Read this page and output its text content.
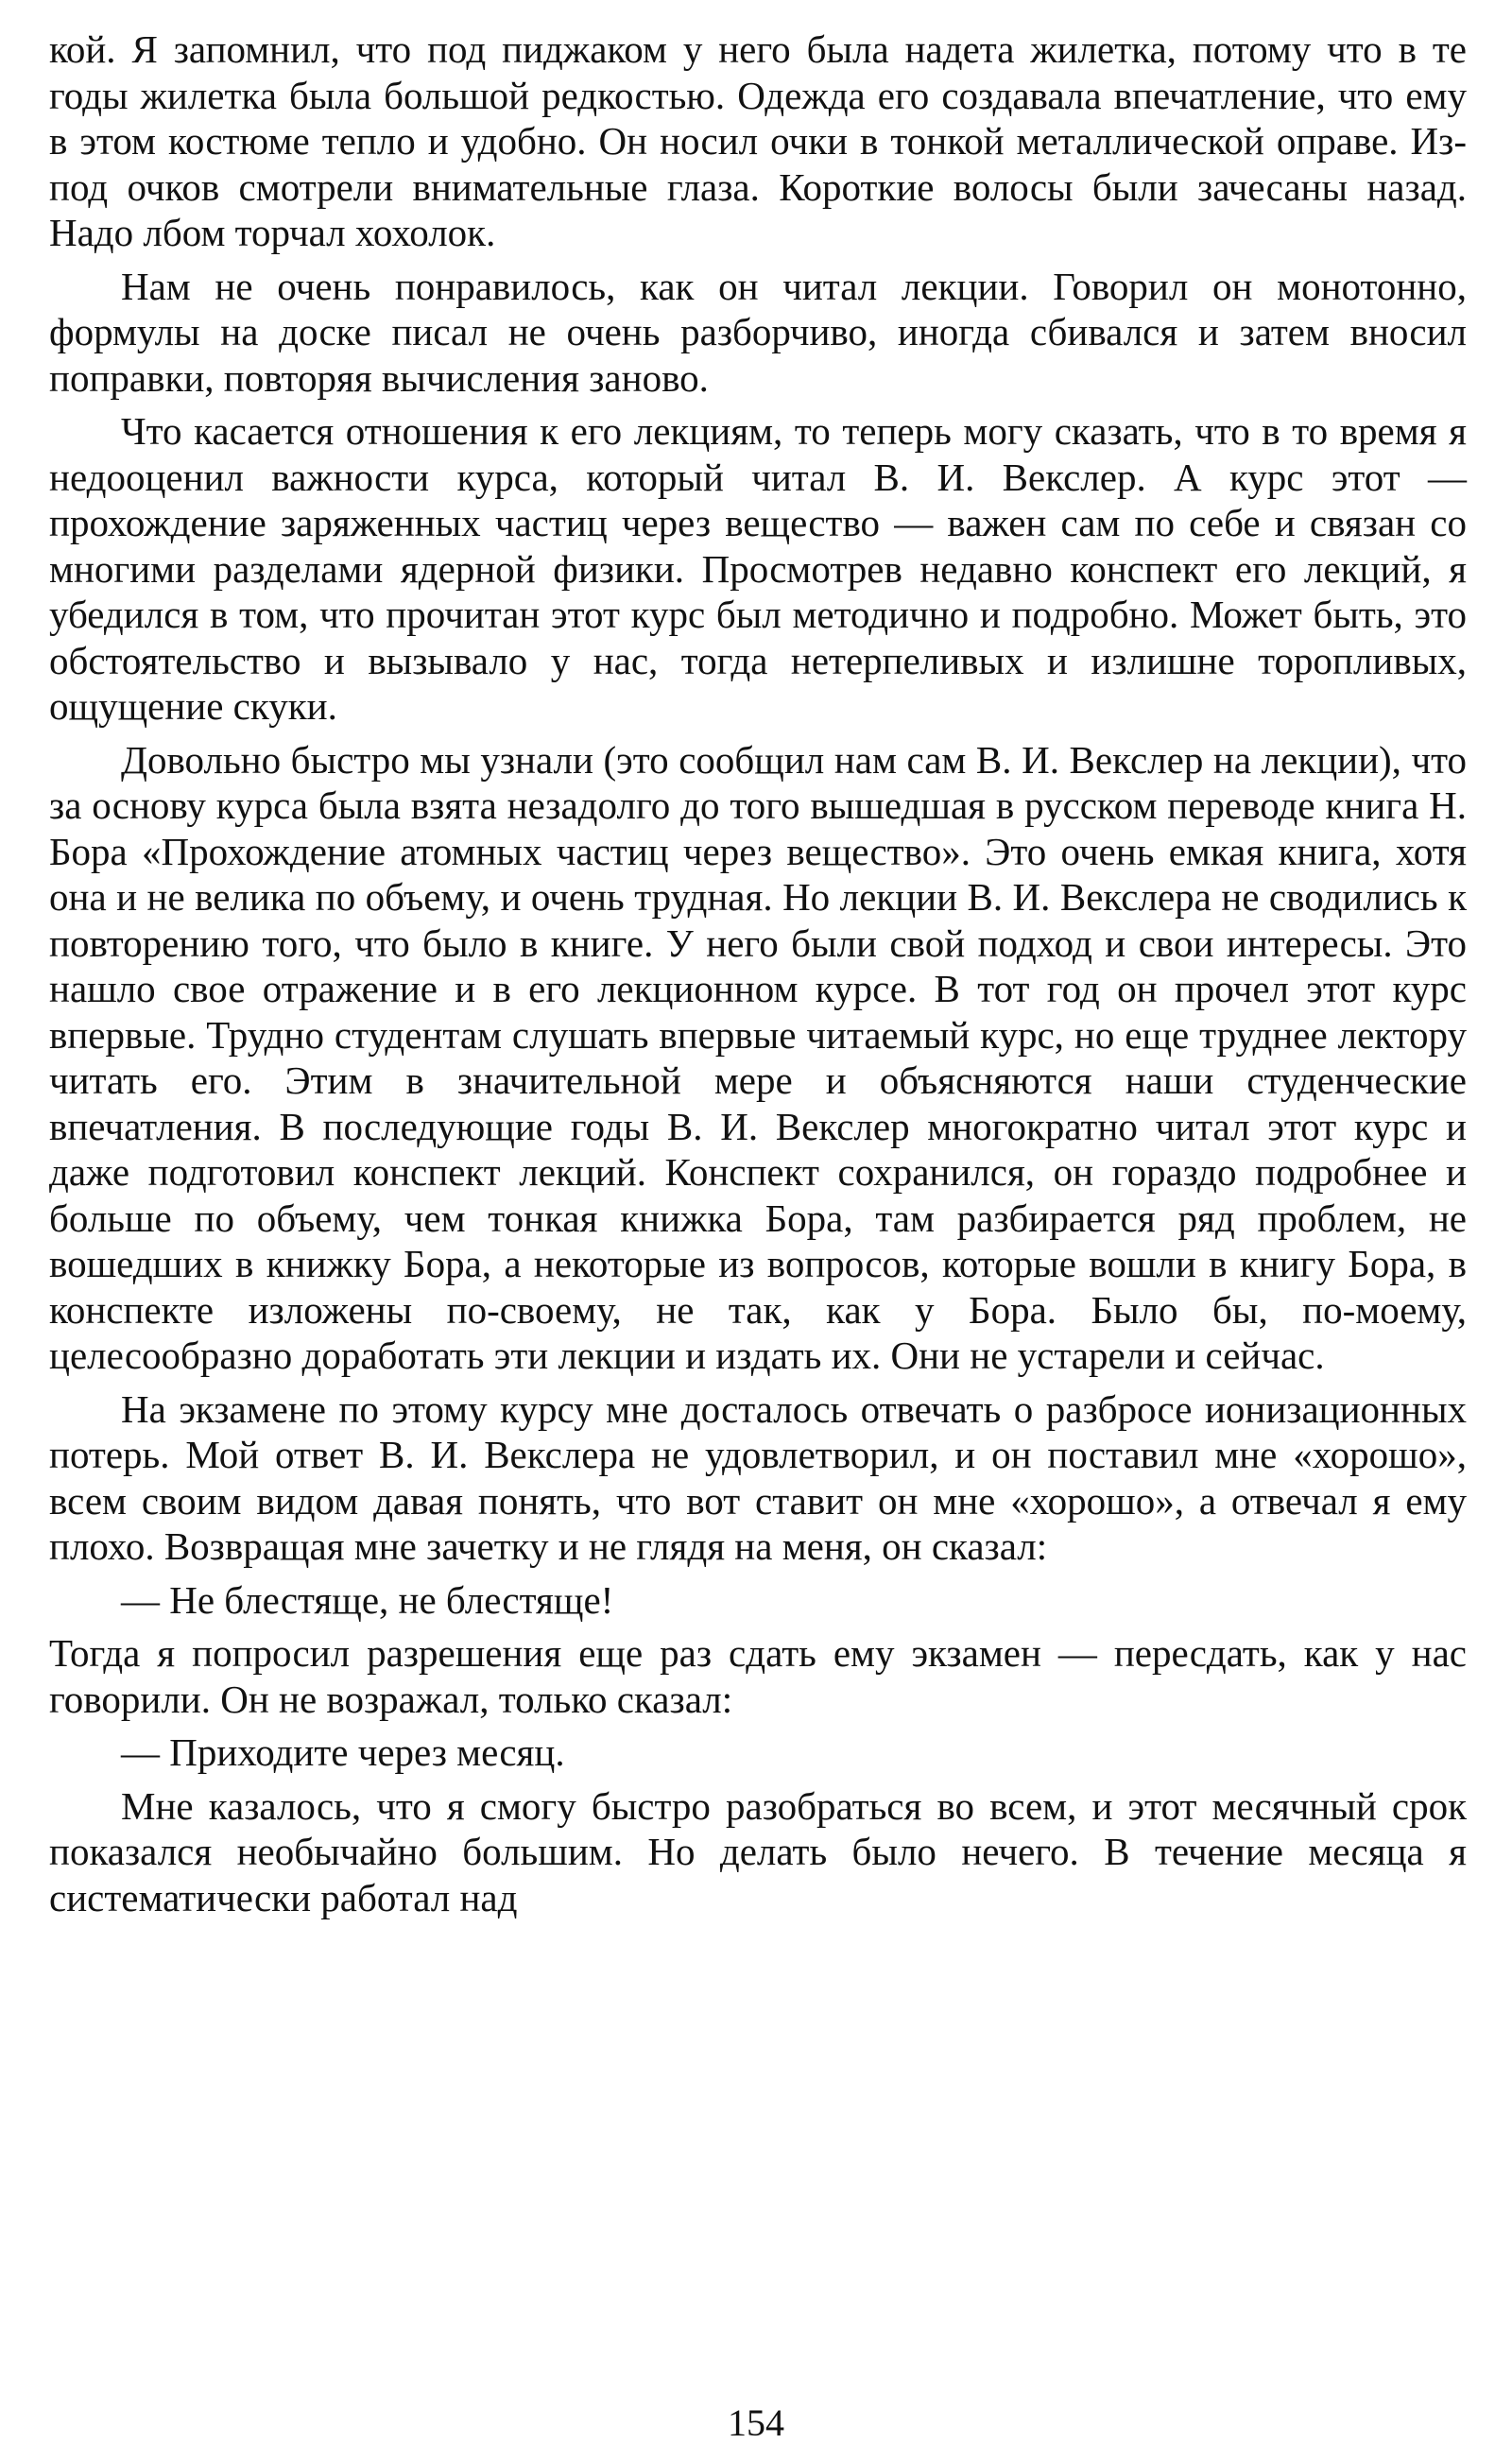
кой. Я запомнил, что под пиджаком у него была надета жилетка, потому что в те годы жилетка была большой редкостью. Одежда его создавала впечатление, что ему в этом костюме тепло и удобно. Он носил очки в тонкой металлической оправе. Из-под очков смотрели внимательные глаза. Короткие волосы были зачесаны назад. Надо лбом торчал хохолок.

Нам не очень понравилось, как он читал лекции. Говорил он монотонно, формулы на доске писал не очень разборчиво, иногда сбивался и затем вносил поправки, повторяя вычисления заново.

Что касается отношения к его лекциям, то теперь могу сказать, что в то время я недооценил важности курса, который читал В. И. Векслер. А курс этот — прохождение заряженных частиц через вещество — важен сам по себе и связан со многими разделами ядерной физики. Просмотрев недавно конспект его лекций, я убедился в том, что прочитан этот курс был методично и подробно. Может быть, это обстоятельство и вызывало у нас, тогда нетерпеливых и излишне торопливых, ощущение скуки.

Довольно быстро мы узнали (это сообщил нам сам В. И. Векслер на лекции), что за основу курса была взята незадолго до того вышедшая в русском переводе книга Н. Бора «Прохождение атомных частиц через вещество». Это очень емкая книга, хотя она и не велика по объему, и очень трудная. Но лекции В. И. Векслера не сводились к повторению того, что было в книге. У него были свой подход и свои интересы. Это нашло свое отражение и в его лекционном курсе. В тот год он прочел этот курс впервые. Трудно студентам слушать впервые читаемый курс, но еще труднее лектору читать его. Этим в значительной мере и объясняются наши студенческие впечатления. В последующие годы В. И. Векслер многократно читал этот курс и даже подготовил конспект лекций. Конспект сохранился, он гораздо подробнее и больше по объему, чем тонкая книжка Бора, там разбирается ряд проблем, не вошедших в книжку Бора, а некоторые из вопросов, которые вошли в книгу Бора, в конспекте изложены по-своему, не так, как у Бора. Было бы, по-моему, целесообразно доработать эти лекции и издать их. Они не устарели и сейчас.

На экзамене по этому курсу мне досталось отвечать о разбросе ионизационных потерь. Мой ответ В. И. Векслера не удовлетворил, и он поставил мне «хорошо», всем своим видом давая понять, что вот ставит он мне «хорошо», а отвечал я ему плохо. Возвращая мне зачетку и не глядя на меня, он сказал:

— Не блестяще, не блестяще!

Тогда я попросил разрешения еще раз сдать ему экзамен — пересдать, как у нас говорили. Он не возражал, только сказал:

— Приходите через месяц.

Мне казалось, что я смогу быстро разобраться во всем, и этот месячный срок показался необычайно большим. Но делать было нечего. В течение месяца я систематически работал над

154
